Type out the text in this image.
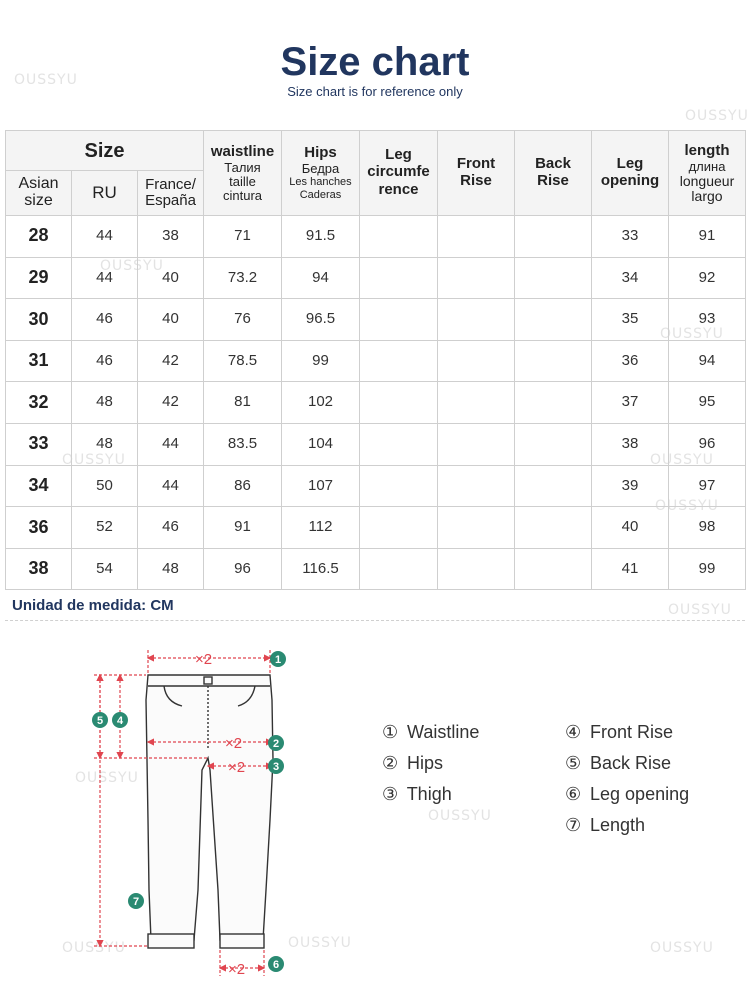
OUSSYU
OUSSYU
OUSSYU
OUSSYU
OUSSYU	OUSSYU
OUSSYU
OUSSYU
OUSSYU
OUSSYU
OUSSYU	OUSSYU	OUSSYU
Size chart
Size chart is for reference only
Size			waistline
Талия
taille
cintura	Hips
Бедра
Les hanches
Caderas	Leg
circumfe
rence	Front
Rise	Back
Rise	Leg
opening	length
длина
longueur
largo

Asian
size	RU	France/
España							

28	44	38	71	91.5				33	91
29	44	40	73.2	94				34	92
30	46	40	76	96.5				35	93
31	46	42	78.5	99				36	94
32	48	42	81	102				37	95
33	48	44	83.5	104				38	96
34	50	44	86	107				39	97
36	52	46	91	112				40	98
38	54	48	96	116.5				41	99
Unidad de medida: CM
×2
×2
×2
×2
1
2
3
4
5
6
7
① Waistline
② Hips
③ Thigh
④ Front Rise
⑤ Back Rise
⑥ Leg opening
⑦ Length
